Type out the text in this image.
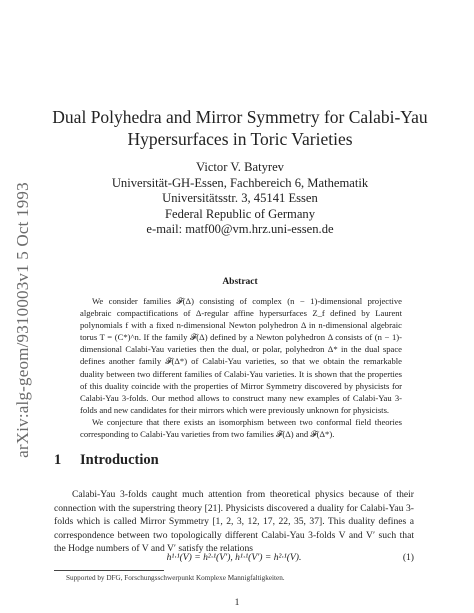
arXiv:alg-geom/9310003v1 5 Oct 1993
Dual Polyhedra and Mirror Symmetry for Calabi-Yau
Hypersurfaces in Toric Varieties
Victor V. Batyrev
Universität-GH-Essen, Fachbereich 6, Mathematik
Universitätsstr. 3, 45141 Essen
Federal Republic of Germany
e-mail: matf00@vm.hrz.uni-essen.de
Abstract

We consider families 𝓕(Δ) consisting of complex (n − 1)-dimensional projective algebraic compactifications of Δ-regular affine hypersurfaces Z_f defined by Laurent polynomials f with a fixed n-dimensional Newton polyhedron Δ in n-dimensional algebraic torus T = (C*)^n. If the family 𝓕(Δ) defined by a Newton polyhedron Δ consists of (n − 1)-dimensional Calabi-Yau varieties then the dual, or polar, polyhedron Δ* in the dual space defines another family 𝓕(Δ*) of Calabi-Yau varieties, so that we obtain the remarkable duality between two different families of Calabi-Yau varieties. It is shown that the properties of this duality coincide with the properties of Mirror Symmetry discovered by physicists for Calabi-Yau 3-folds. Our method allows to construct many new examples of Calabi-Yau 3-folds and new candidates for their mirrors which were previously unknown for physicists.

We conjecture that there exists an isomorphism between two conformal field theories corresponding to Calabi-Yau varieties from two families 𝓕(Δ) and 𝓕(Δ*).

1 Introduction

Calabi-Yau 3-folds caught much attention from theoretical physics because of their connection with the superstring theory [21]. Physicists discovered a duality for Calabi-Yau 3-folds which is called Mirror Symmetry [1, 2, 3, 12, 17, 22, 35, 37]. This duality defines a correspondence between two topologically different Calabi-Yau 3-folds V and V′ such that the Hodge numbers of V and V′ satisfy the relations

h¹·¹(V) = h²·¹(V′), h¹·¹(V′) = h²·¹(V).	(1)
Supported by DFG, Forschungsschwerpunkt Komplexe Mannigfaltigkeiten.
1
